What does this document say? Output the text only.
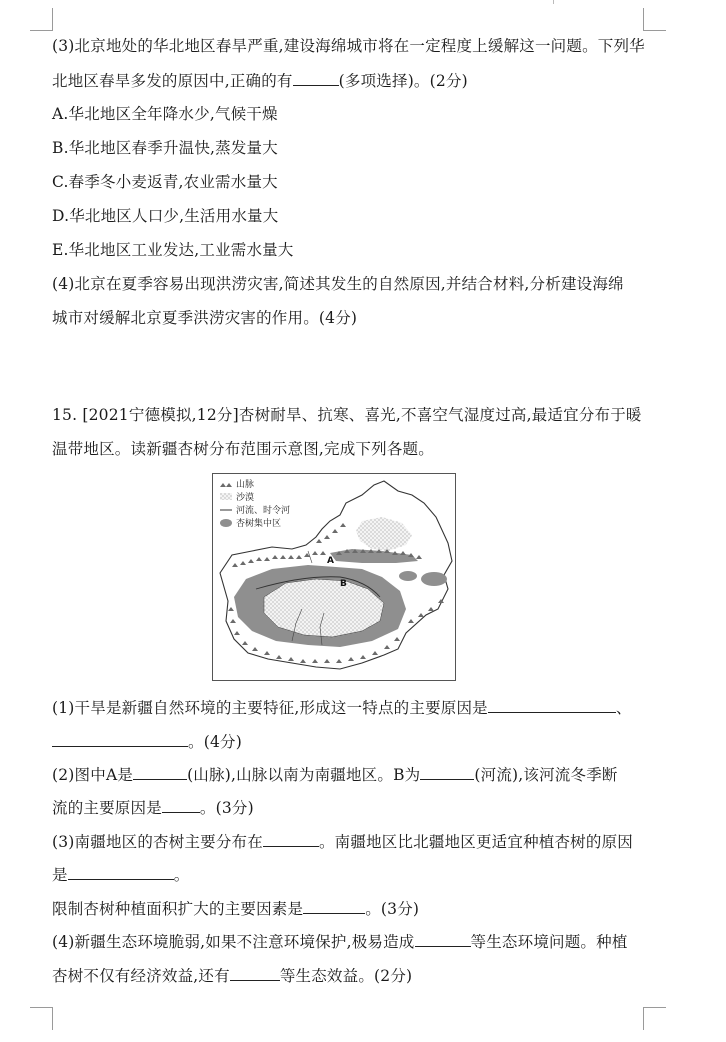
(3)北京地处的华北地区春旱严重,建设海绵城市将在一定程度上缓解这一问题。下列华
北地区春旱多发的原因中,正确的有	(多项选择)。(2分)
A.华北地区全年降水少,气候干燥
B.华北地区春季升温快,蒸发量大
C.春季冬小麦返青,农业需水量大
D.华北地区人口少,生活用水量大
E.华北地区工业发达,工业需水量大
(4)北京在夏季容易出现洪涝灾害,简述其发生的自然原因,并结合材料,分析建设海绵
城市对缓解北京夏季洪涝灾害的作用。(4分)
15. [2021宁德模拟,12分]杏树耐旱、抗寒、喜光,不喜空气湿度过高,最适宜分布于暖
温带地区。读新疆杏树分布范围示意图,完成下列各题。
山脉
沙漠
河流、时令河
杏树集中区
A
B
(1)干旱是新疆自然环境的主要特征,形成这一特点的主要原因是	、
。(4分)
(2)图中A是	(山脉),山脉以南为南疆地区。B为	(河流),该河流冬季断
流的主要原因是 。(3分)
(3)南疆地区的杏树主要分布在	。南疆地区比北疆地区更适宜种植杏树的原因
是	。
限制杏树种植面积扩大的主要因素是	。(3分)
(4)新疆生态环境脆弱,如果不注意环境保护,极易造成	等生态环境问题。种植
杏树不仅有经济效益,还有	等生态效益。(2分)
